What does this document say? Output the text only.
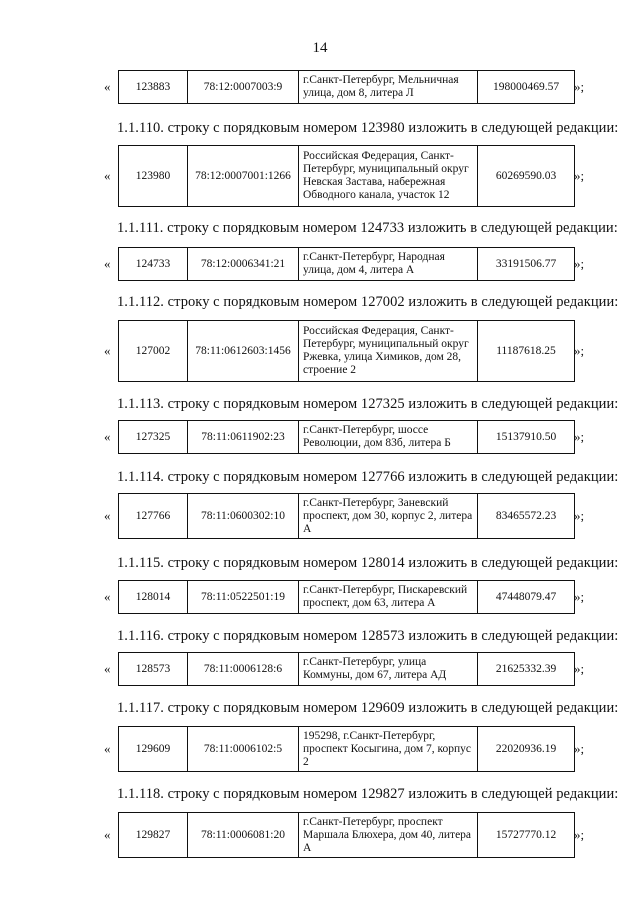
14
« 123883	78:12:0007003:9	
г.Санкт-Петербург, Мельничная
улица, дом 8, литера Л
	198000469.57 »;
1.1.110. строку с порядковым номером 123980 изложить в следующей редакции:
« 123980	78:12:0007001:1266	
Российская Федерация, Санкт-
Петербург, муниципальный округ
Невская Застава, набережная
Обводного канала, участок 12
	60269590.03 »;
1.1.111. строку с порядковым номером 124733 изложить в следующей редакции:
« 124733	78:12:0006341:21	
г.Санкт-Петербург, Народная
улица, дом 4, литера А
	33191506.77 »;
1.1.112. строку с порядковым номером 127002 изложить в следующей редакции:
« 127002	78:11:0612603:1456	
Российская Федерация, Санкт-
Петербург, муниципальный округ
Ржевка, улица Химиков, дом 28,
строение 2
	11187618.25 »;
1.1.113. строку с порядковым номером 127325 изложить в следующей редакции:
« 127325	78:11:0611902:23	
г.Санкт-Петербург, шоссе
Революции, дом 83б, литера Б
	15137910.50 »;
1.1.114. строку с порядковым номером 127766 изложить в следующей редакции:
« 127766	78:11:0600302:10	
г.Санкт-Петербург, Заневский
проспект, дом 30, корпус 2, литера
А
	83465572.23 »;
1.1.115. строку с порядковым номером 128014 изложить в следующей редакции:
« 128014	78:11:0522501:19	
г.Санкт-Петербург, Пискаревский
проспект, дом 63, литера А
	47448079.47 »;
1.1.116. строку с порядковым номером 128573 изложить в следующей редакции:
« 128573	78:11:0006128:6	
г.Санкт-Петербург, улица
Коммуны, дом 67, литера АД
	21625332.39 »;
1.1.117. строку с порядковым номером 129609 изложить в следующей редакции:
« 129609	78:11:0006102:5	
195298, г.Санкт-Петербург,
проспект Косыгина, дом 7, корпус
2
	22020936.19 »;
1.1.118. строку с порядковым номером 129827 изложить в следующей редакции:
« 129827	78:11:0006081:20	
г.Санкт-Петербург, проспект
Маршала Блюхера, дом 40, литера
А
	15727770.12 »;
